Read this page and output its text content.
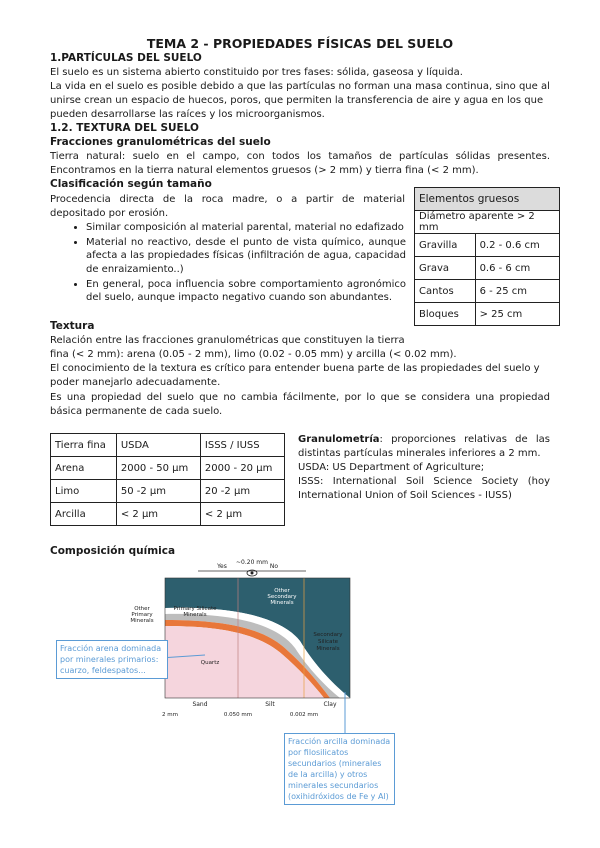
TEMA 2 - PROPIEDADES FÍSICAS DEL SUELO
1.PARTÍCULAS DEL SUELO
El suelo es un sistema abierto constituido por tres fases: sólida, gaseosa y líquida.
La vida en el suelo es posible debido a que las partículas no forman una masa continua, sino que al
unirse crean un espacio de huecos, poros, que permiten la transferencia de aire y agua en los que
pueden desarrollarse las raíces y los microorganismos.
1.2. TEXTURA DEL SUELO
Fracciones granulométricas del suelo
Tierra natural: suelo en el campo, con todos los tamaños de partículas sólidas presentes.
Encontramos en la tierra natural elementos gruesos (> 2 mm) y tierra fina (< 2 mm).
Clasificación según tamaño
Procedencia directa de la roca madre, o a partir de material
depositado por erosión.
• Similar composición al material parental, material no edafizado
• Material no reactivo, desde el punto de vista químico, aunque afecta a las propiedades físicas (infiltración de agua, capacidad de enraizamiento..)
• En general, poca influencia sobre comportamiento agronómico del suelo, aunque impacto negativo cuando son abundantes.
Elementos gruesos	
Diámetro aparente > 2 mm	
Gravilla	0.2 - 0.6 cm
Grava	0.6 - 6 cm
Cantos	6 - 25 cm
Bloques	> 25 cm
Textura
Relación entre las fracciones granulométricas que constituyen la tierra
fina (< 2 mm): arena (0.05 - 2 mm), limo (0.02 - 0.05 mm) y arcilla (< 0.02 mm).
El conocimiento de la textura es crítico para entender buena parte de las propiedades del suelo y
poder manejarlo adecuadamente.
Es una propiedad del suelo que no cambia fácilmente, por lo que se considera una propiedad
básica permanente de cada suelo.
Tierra fina	USDA	ISSS / IUSS
Arena	2000 - 50 µm	2000 - 20 µm
Limo	50 -2 µm	20 -2 µm
Arcilla	< 2 µm	< 2 µm
Granulometría: proporciones relativas de las distintas partículas minerales inferiores a 2 mm.
USDA: US Department of Agriculture;
ISSS: International Soil Science Society (hoy International Union of Soil Sciences - IUSS)
Composición química
~0.20 mm
Yes	No
Other
Secondary
Minerals
Secondary
Silicate
Minerals
Primary Silicate
Minerals
Other
Primary
Minerals
Quartz
Sand	Silt	Clay
2 mm	0.050 mm	0.002 mm
Fracción arena dominada
por minerales primarios:
cuarzo, feldespatos...
Fracción arcilla dominada
por filosilicatos
secundarios (minerales
de la arcilla) y otros
minerales secundarios
(oxihidróxidos de Fe y Al)
